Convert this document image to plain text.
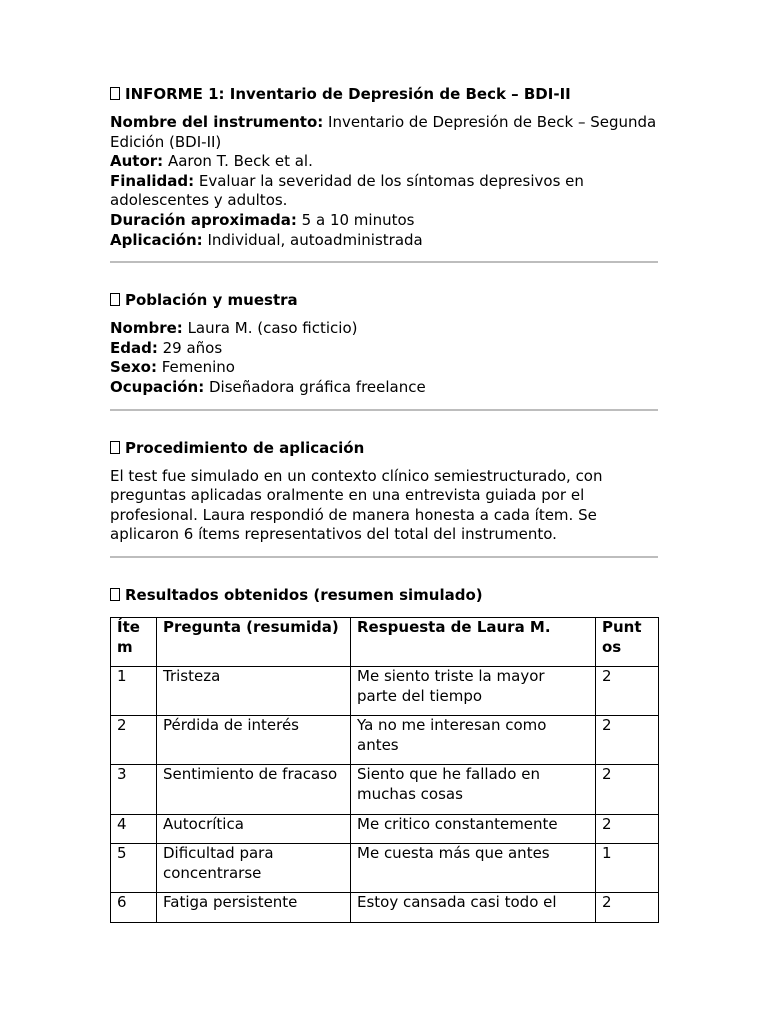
INFORME 1: Inventario de Depresión de Beck – BDI-II

Nombre del instrumento: Inventario de Depresión de Beck – Segunda Edición (BDI-II)
Autor: Aaron T. Beck et al.
Finalidad: Evaluar la severidad de los síntomas depresivos en adolescentes y adultos.
Duración aproximada: 5 a 10 minutos
Aplicación: Individual, autoadministrada

Población y muestra

Nombre: Laura M. (caso ficticio)
Edad: 29 años
Sexo: Femenino
Ocupación: Diseñadora gráfica freelance

Procedimiento de aplicación

El test fue simulado en un contexto clínico semiestructurado, con preguntas aplicadas oralmente en una entrevista guiada por el profesional. Laura respondió de manera honesta a cada ítem. Se aplicaron 6 ítems representativos del total del instrumento.

Resultados obtenidos (resumen simulado)

Íte m	Pregunta (resumida)	Respuesta de Laura M.	Punt os
1	Tristeza	Me siento triste la mayor parte del tiempo	2
2	Pérdida de interés	Ya no me interesan como antes	2
3	Sentimiento de fracaso	Siento que he fallado en muchas cosas	2
4	Autocrítica	Me critico constantemente	2
5	Dificultad para concentrarse	Me cuesta más que antes	1
6	Fatiga persistente	Estoy cansada casi todo el	2
